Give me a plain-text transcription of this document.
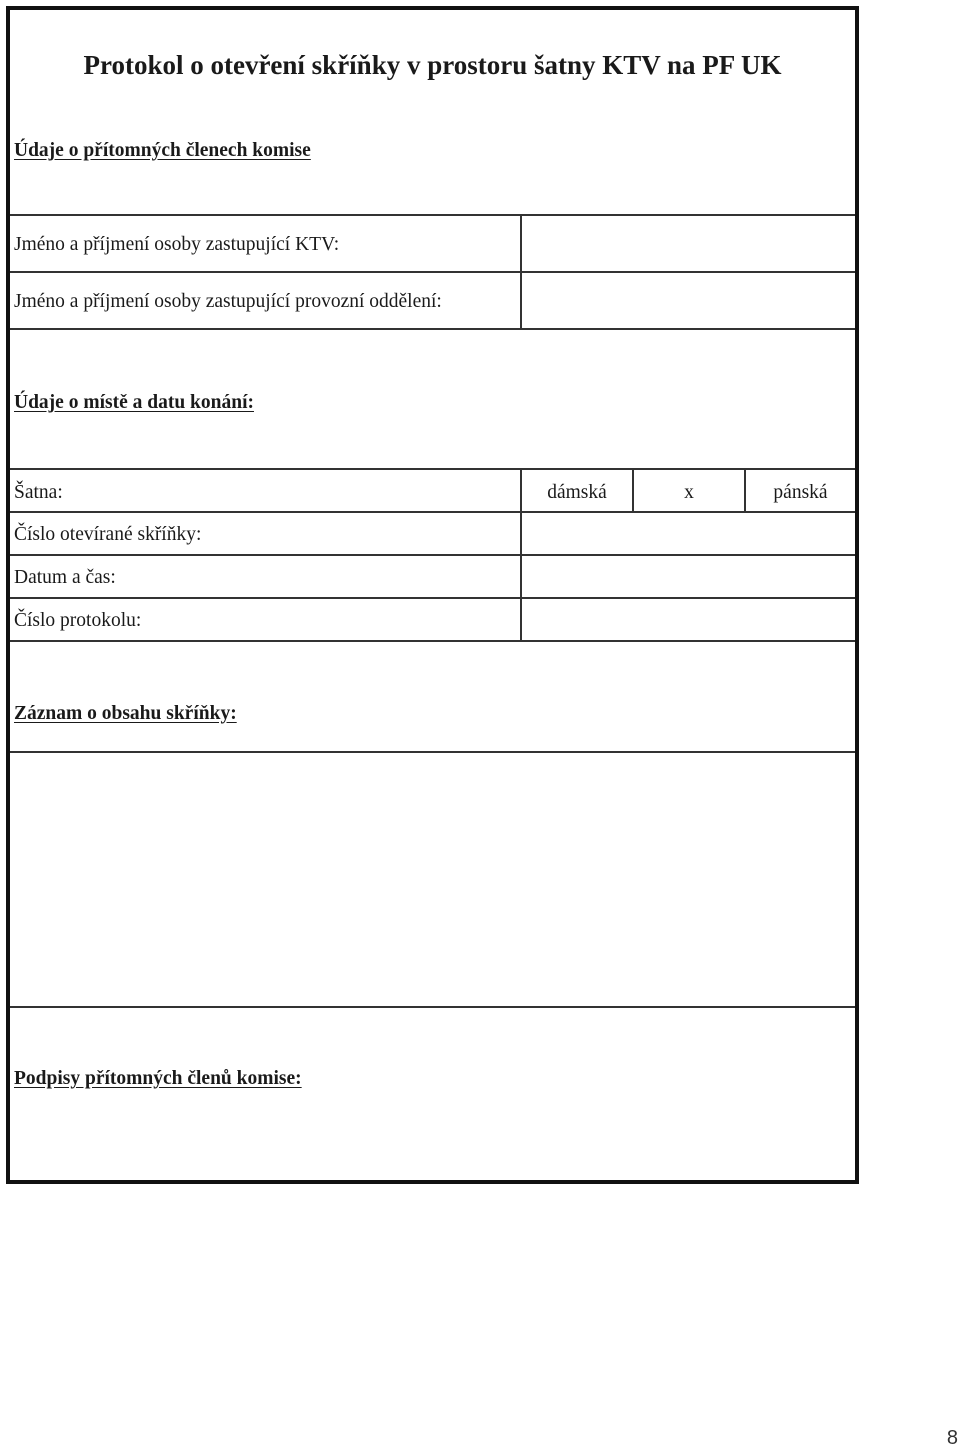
Protokol o otevření skříňky v prostoru šatny KTV na PF UK
Údaje o přítomných členech komise
Jméno a příjmení osoby zastupující KTV:
Jméno a příjmení osoby zastupující provozní oddělení:
Údaje o místě a datu konání:
Šatna:	dámská	x	pánská
Číslo otevírané skříňky:
Datum a čas:
Číslo protokolu:
Záznam o obsahu skříňky:
Podpisy přítomných členů komise:
8
